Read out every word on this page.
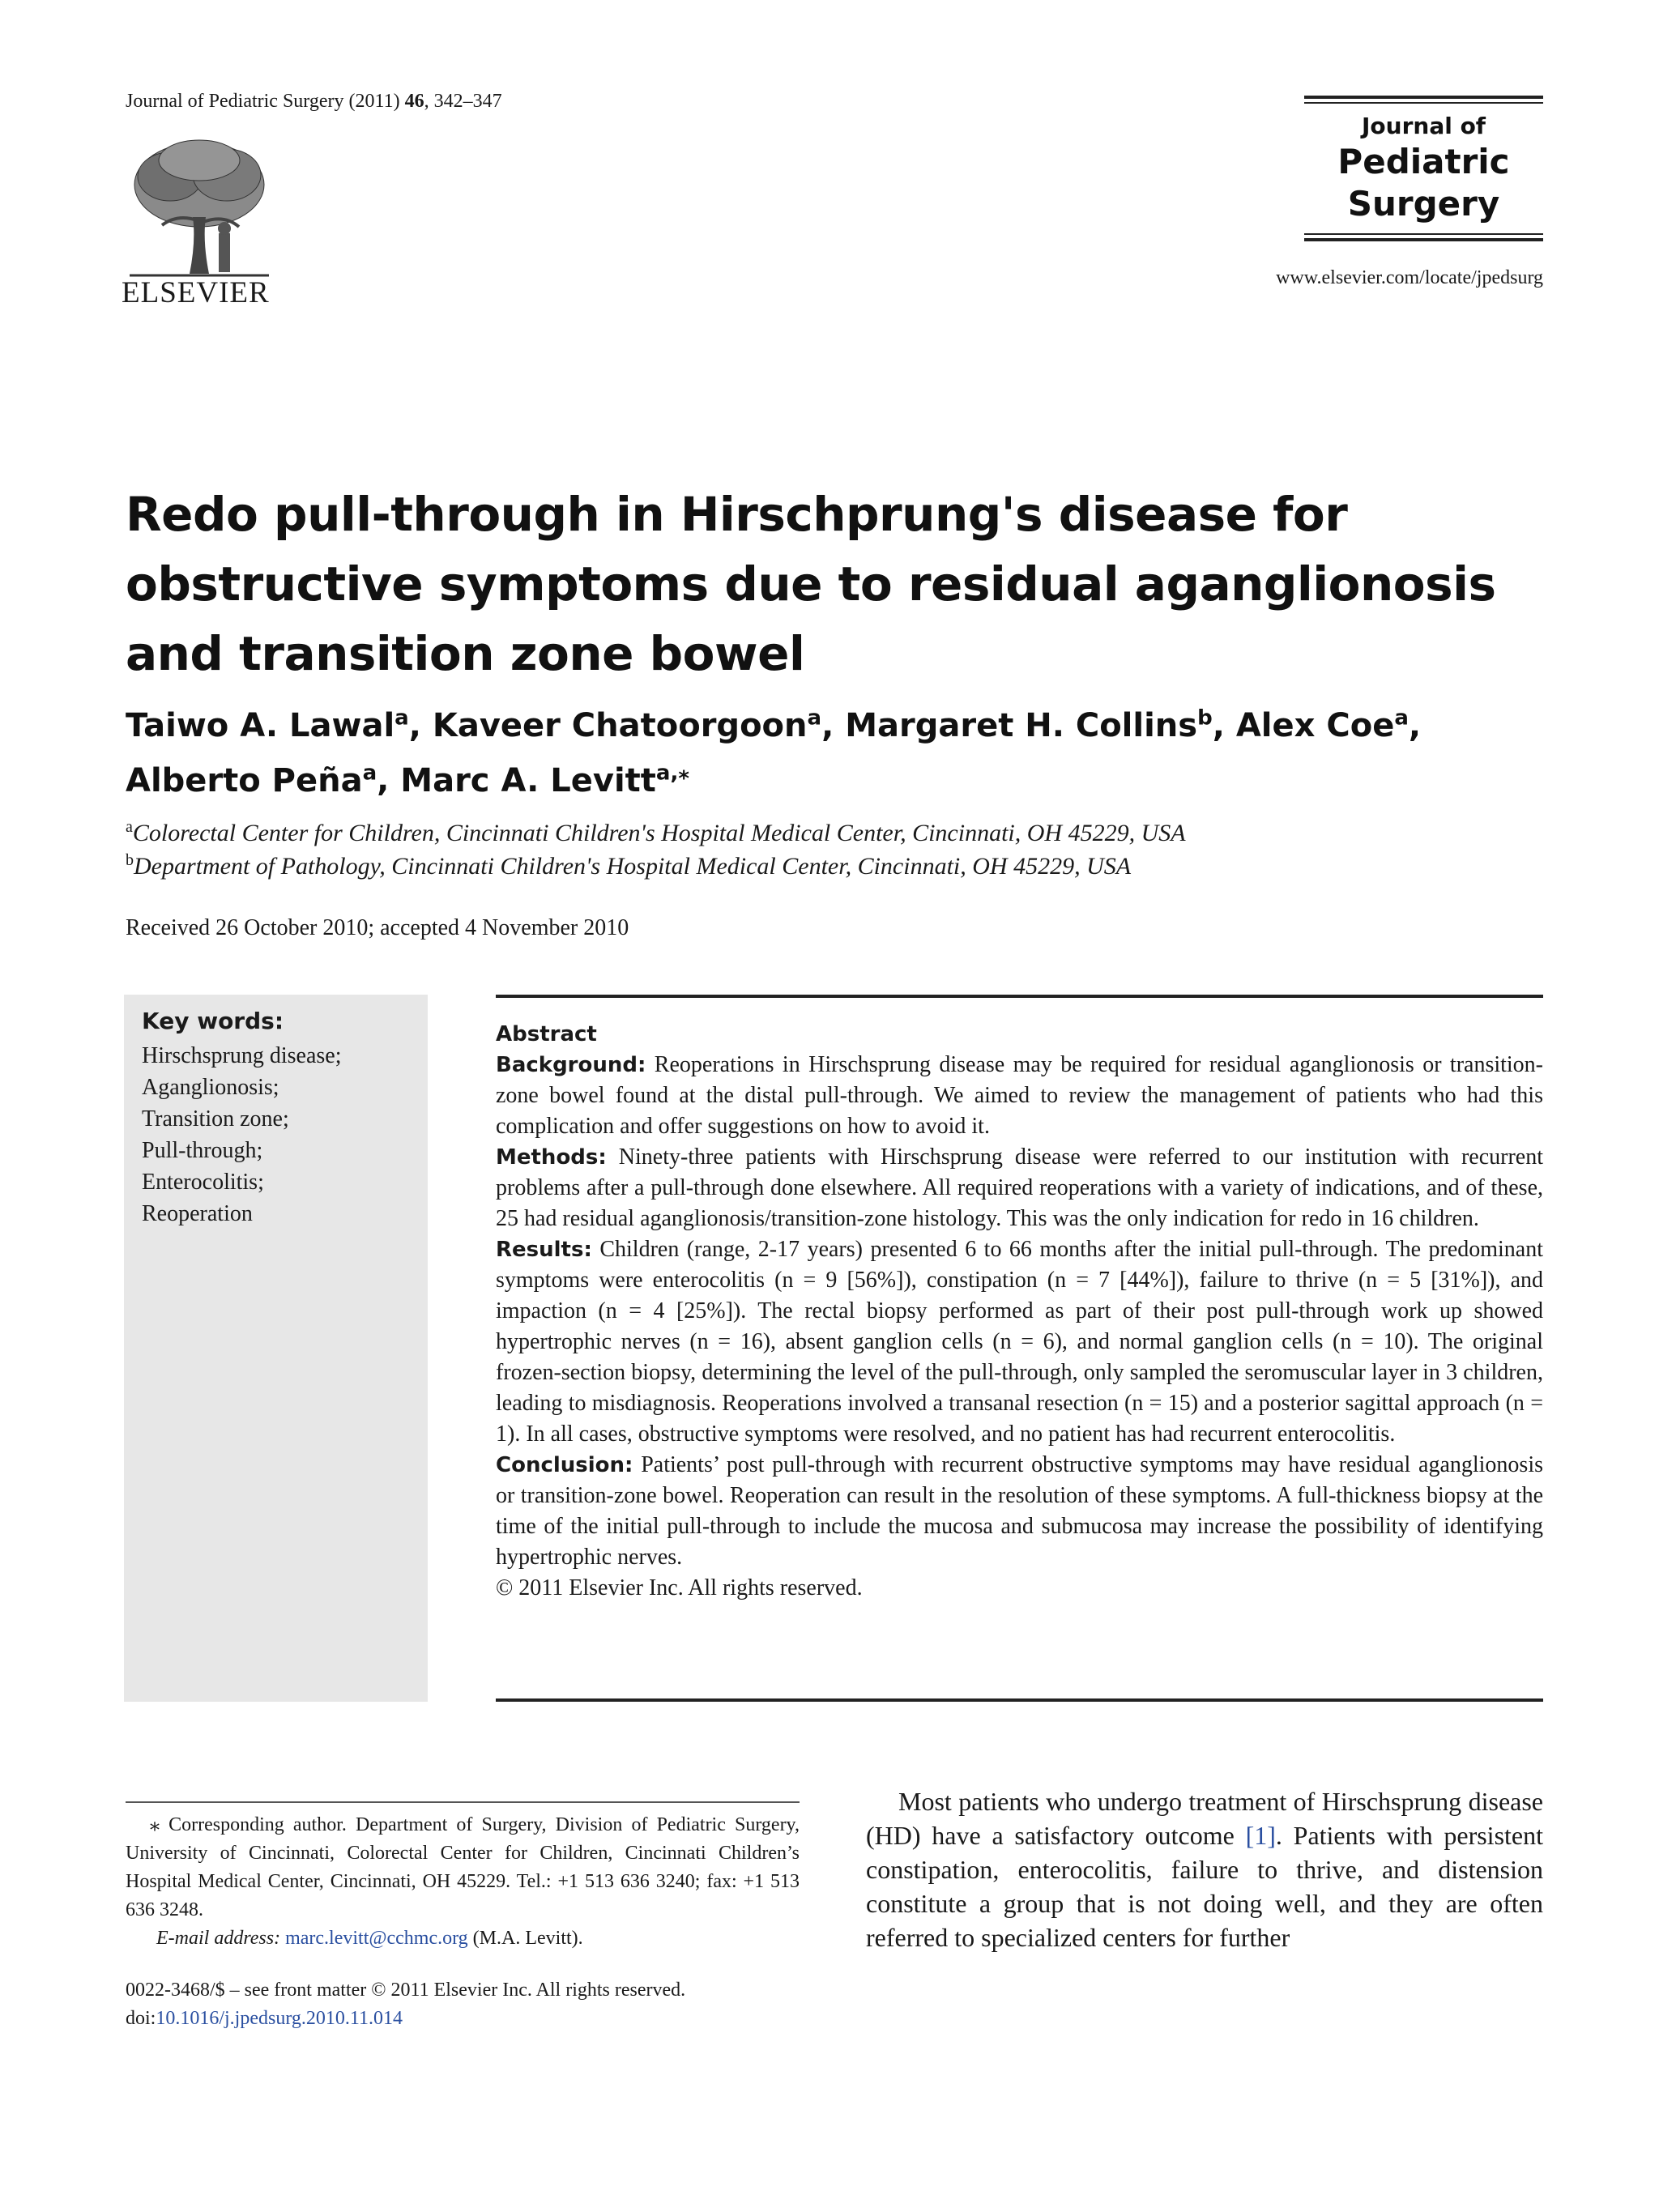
Journal of Pediatric Surgery (2011) 46, 342–347
ELSEVIER
Journal of
Pediatric
Surgery
www.elsevier.com/locate/jpedsurg
Redo pull-through in Hirschprung's disease for obstructive symptoms due to residual aganglionosis and transition zone bowel
Taiwo A. Lawal$^a$, Kaveer Chatoorgoon$^a$, Margaret H. Collins$^b$, Alex Coe$^a$,
Alberto Peña$^a$, Marc A. Levitt$^{a,⁎}$
$^a$Colorectal Center for Children, Cincinnati Children's Hospital Medical Center, Cincinnati, OH 45229, USA
$^b$Department of Pathology, Cincinnati Children's Hospital Medical Center, Cincinnati, OH 45229, USA
Received 26 October 2010; accepted 4 November 2010
Key words:
Hirschsprung disease;
Aganglionosis;
Transition zone;
Pull-through;
Enterocolitis;
Reoperation

Abstract

Background: Reoperations in Hirschsprung disease may be required for residual aganglionosis or transition-zone bowel found at the distal pull-through. We aimed to review the management of patients who had this complication and offer suggestions on how to avoid it.

Methods: Ninety-three patients with Hirschsprung disease were referred to our institution with recurrent problems after a pull-through done elsewhere. All required reoperations with a variety of indications, and of these, 25 had residual aganglionosis/transition-zone histology. This was the only indication for redo in 16 children.

Results: Children (range, 2-17 years) presented 6 to 66 months after the initial pull-through. The predominant symptoms were enterocolitis (n = 9 [56%]), constipation (n = 7 [44%]), failure to thrive (n = 5 [31%]), and impaction (n = 4 [25%]). The rectal biopsy performed as part of their post pull-through work up showed hypertrophic nerves (n = 16), absent ganglion cells (n = 6), and normal ganglion cells (n = 10). The original frozen-section biopsy, determining the level of the pull-through, only sampled the seromuscular layer in 3 children, leading to misdiagnosis. Reoperations involved a transanal resection (n = 15) and a posterior sagittal approach (n = 1). In all cases, obstructive symptoms were resolved, and no patient has had recurrent enterocolitis.

Conclusion: Patients’ post pull-through with recurrent obstructive symptoms may have residual aganglionosis or transition-zone bowel. Reoperation can result in the resolution of these symptoms. A full-thickness biopsy at the time of the initial pull-through to include the mucosa and submucosa may increase the possibility of identifying hypertrophic nerves.

© 2011 Elsevier Inc. All rights reserved.

⁎ Corresponding author. Department of Surgery, Division of Pediatric Surgery, University of Cincinnati, Colorectal Center for Children, Cincinnati Children’s Hospital Medical Center, Cincinnati, OH 45229. Tel.: +1 513 636 3240; fax: +1 513 636 3248.

E-mail address: marc.levitt@cchmc.org (M.A. Levitt).

0022-3468/$ – see front matter © 2011 Elsevier Inc. All rights reserved.
doi:10.1016/j.jpedsurg.2010.11.014
Most patients who undergo treatment of Hirschsprung disease (HD) have a satisfactory outcome [1]. Patients with persistent constipation, enterocolitis, failure to thrive, and distension constitute a group that is not doing well, and they are often referred to specialized centers for further
